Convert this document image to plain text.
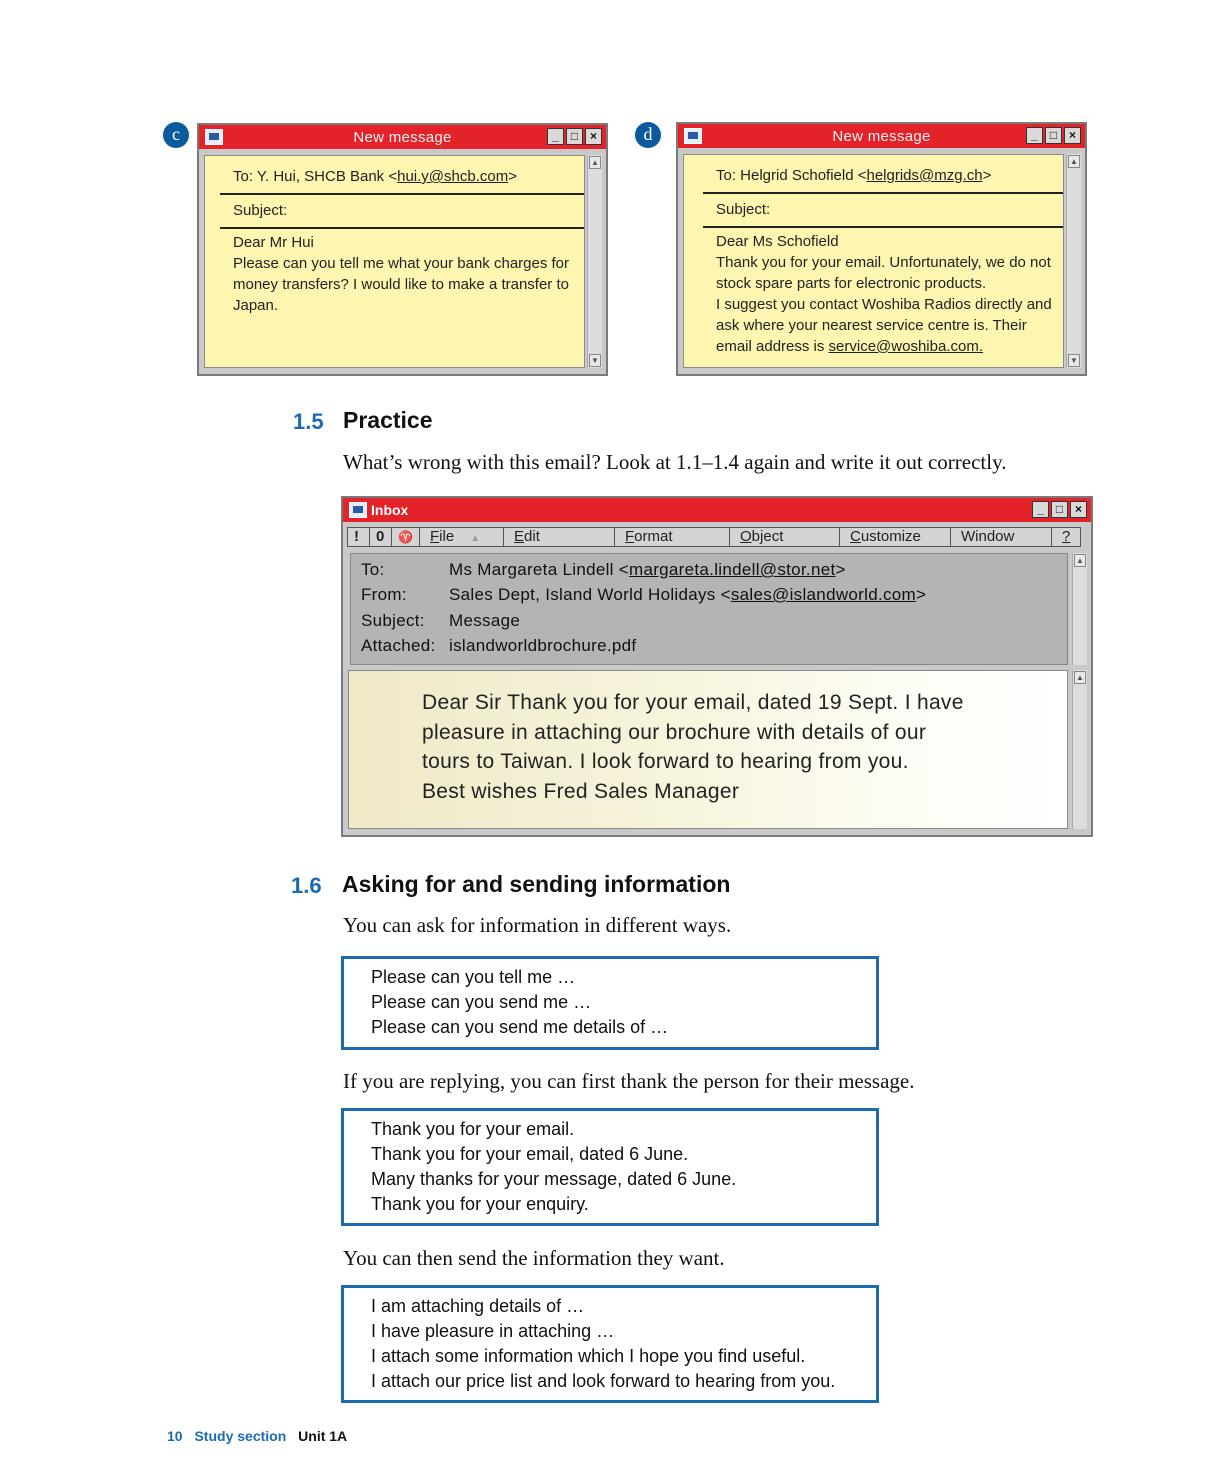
c	New message	_	□ ×
To: Y. Hui, SHCB Bank <hui.y@shcb.com>
Subject:
Dear Mr Hui
Please can you tell me what your bank charges for
money transfers? I would like to make a transfer to
Japan.
▲
▼
d	New message	_	□ ×
To: Helgrid Schofield <helgrids@mzg.ch>
Subject:
Dear Ms Schofield
Thank you for your email. Unfortunately, we do not
stock spare parts for electronic products.
I suggest you contact Woshiba Radios directly and
ask where your nearest service centre is. Their
email address is service@woshiba.com.
▲
▼
1.5 Practice
What’s wrong with this email? Look at 1.1–1.4 again and write it out correctly.
Inbox	_	□ ×
!	0	♈	File ▲	Edit	Format	Object	Customize	Window	?
To:	Ms Margareta Lindell <margareta.lindell@stor.net>
From: Sales Dept, Island World Holidays <sales@islandworld.com>
Subject: Message
Attached: islandworldbrochure.pdf
▲
Dear Sir Thank you for your email, dated 19 Sept. I have
pleasure in attaching our brochure with details of our
tours to Taiwan. I look forward to hearing from you.
Best wishes Fred Sales Manager
▲
1.6 Asking for and sending information
You can ask for information in different ways.
Please can you tell me …
Please can you send me …
Please can you send me details of …
If you are replying, you can first thank the person for their message.
Thank you for your email.
Thank you for your email, dated 6 June.
Many thanks for your message, dated 6 June.
Thank you for your enquiry.
You can then send the information they want.
I am attaching details of …
I have pleasure in attaching …
I attach some information which I hope you find useful.
I attach our price list and look forward to hearing from you.
10 Study section Unit 1A
